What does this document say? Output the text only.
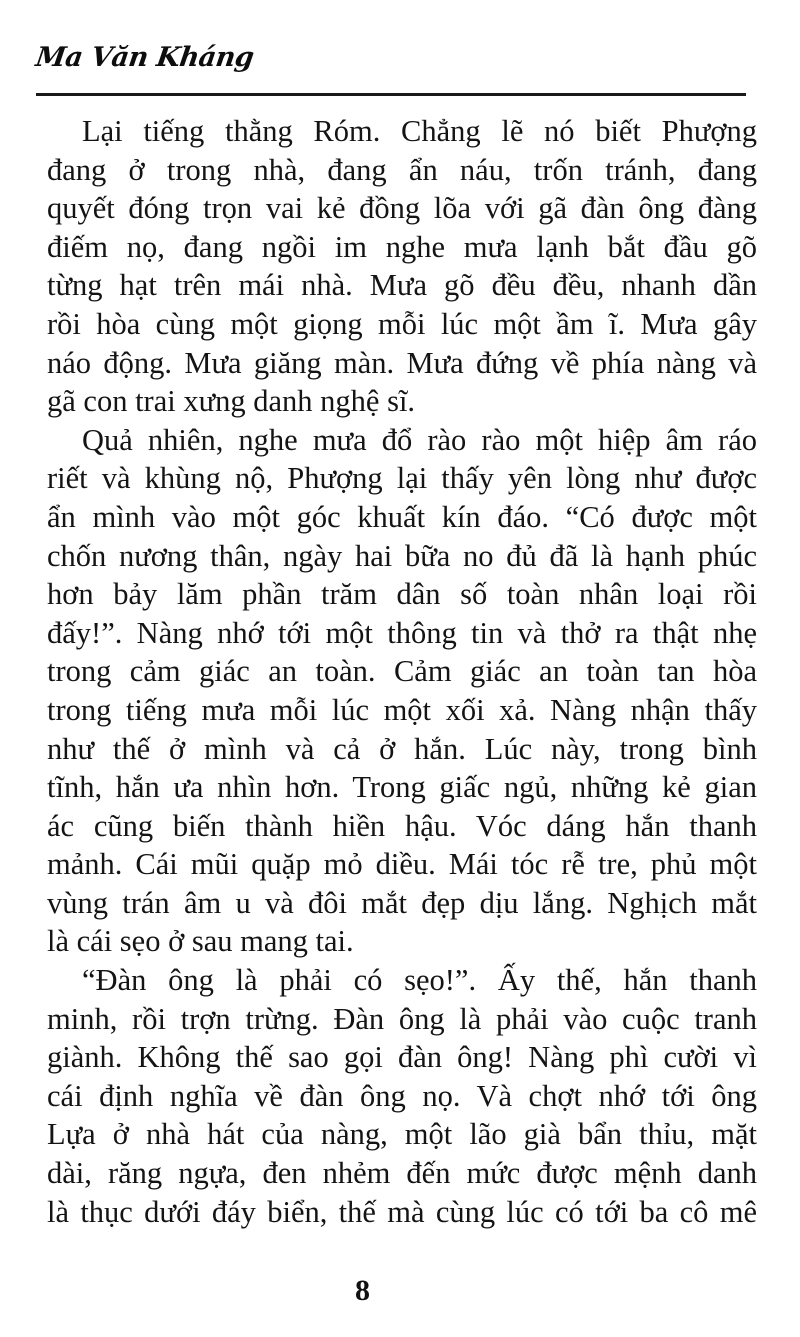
Ma Văn Kháng
Lại tiếng thằng Róm. Chẳng lẽ nó biết Phượng
đang ở trong nhà, đang ẩn náu, trốn tránh, đang
quyết đóng trọn vai kẻ đồng lõa với gã đàn ông đàng
điếm nọ, đang ngồi im nghe mưa lạnh bắt đầu gõ
từng hạt trên mái nhà. Mưa gõ đều đều, nhanh dần
rồi hòa cùng một giọng mỗi lúc một ầm ĩ. Mưa gây
náo động. Mưa giăng màn. Mưa đứng về phía nàng và
gã con trai xưng danh nghệ sĩ.
Quả nhiên, nghe mưa đổ rào rào một hiệp âm ráo
riết và khùng nộ, Phượng lại thấy yên lòng như được
ẩn mình vào một góc khuất kín đáo. “Có được một
chốn nương thân, ngày hai bữa no đủ đã là hạnh phúc
hơn bảy lăm phần trăm dân số toàn nhân loại rồi
đấy!”. Nàng nhớ tới một thông tin và thở ra thật nhẹ
trong cảm giác an toàn. Cảm giác an toàn tan hòa
trong tiếng mưa mỗi lúc một xối xả. Nàng nhận thấy
như thế ở mình và cả ở hắn. Lúc này, trong bình
tĩnh, hắn ưa nhìn hơn. Trong giấc ngủ, những kẻ gian
ác cũng biến thành hiền hậu. Vóc dáng hắn thanh
mảnh. Cái mũi quặp mỏ diều. Mái tóc rễ tre, phủ một
vùng trán âm u và đôi mắt đẹp dịu lắng. Nghịch mắt
là cái sẹo ở sau mang tai.
“Đàn ông là phải có sẹo!”. Ấy thế, hắn thanh
minh, rồi trợn trừng. Đàn ông là phải vào cuộc tranh
giành. Không thế sao gọi đàn ông! Nàng phì cười vì
cái định nghĩa về đàn ông nọ. Và chợt nhớ tới ông
Lựa ở nhà hát của nàng, một lão già bẩn thỉu, mặt
dài, răng ngựa, đen nhẻm đến mức được mệnh danh
là thục dưới đáy biển, thế mà cùng lúc có tới ba cô mê
8
